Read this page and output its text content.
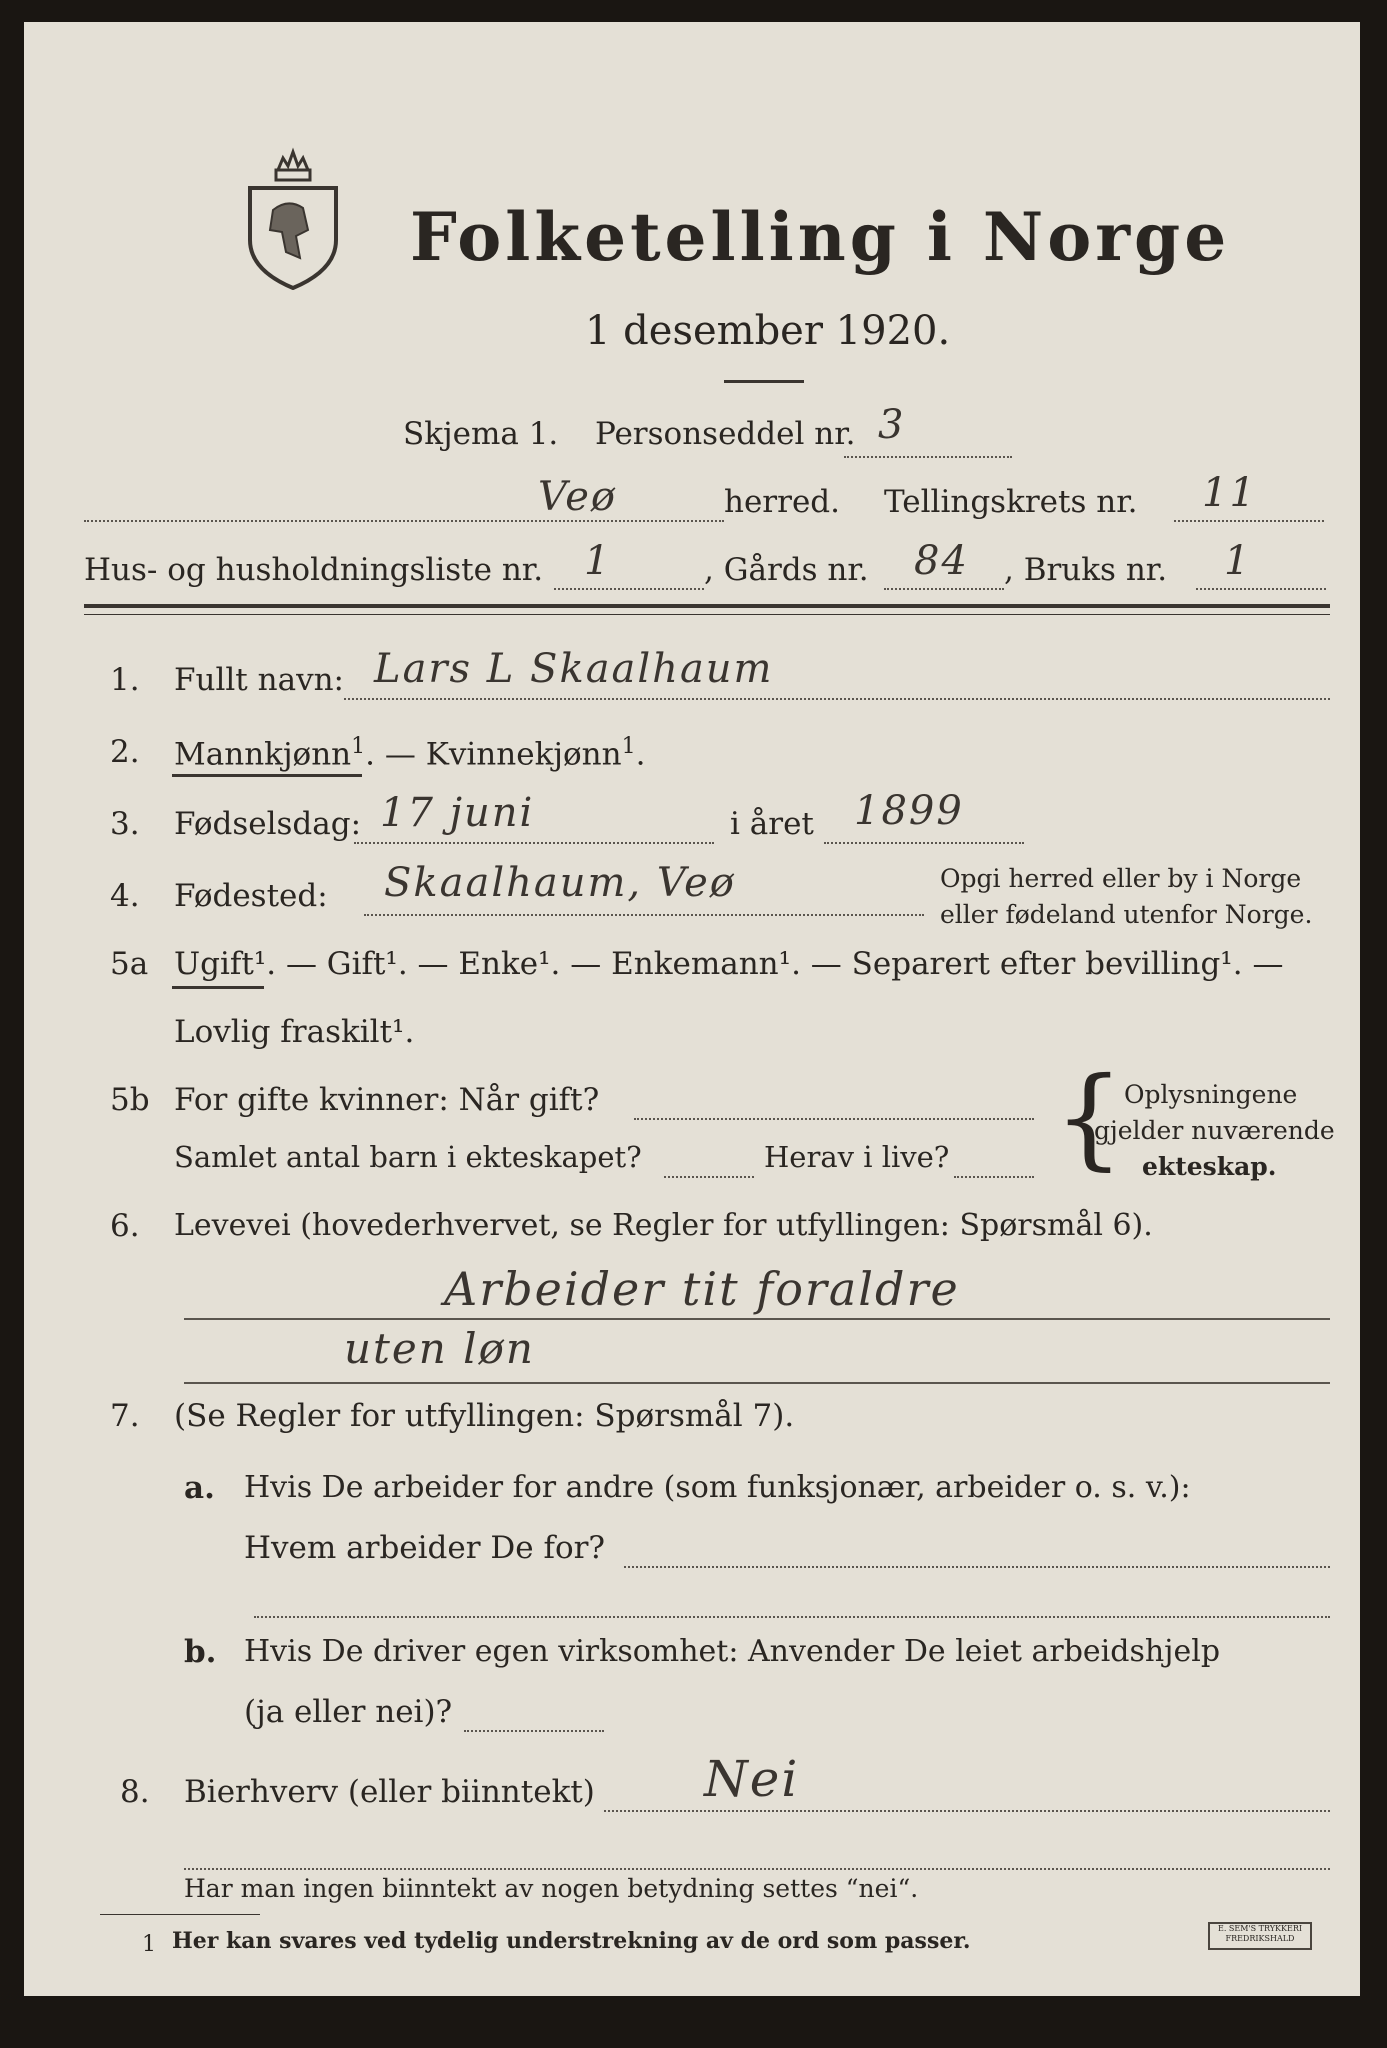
Folketelling i Norge
1 desember 1920.
Skjema 1. Personseddel nr. 3
Veø	herred. Tellingskrets nr. 11
Hus- og husholdningsliste nr. 1	, Gårds nr. 84 , Bruks nr. 1
1. Fullt navn: Lars L Skaalhaum
2. Mannkjønn$^1$. — Kvinnekjønn$^1$.
3. Fødselsdag: 17 juni	i året 1899
4. Fødested: Skaalhaum, Veø	Opgi herred eller by i Norge
eller fødeland utenfor Norge.
5a Ugift¹. — Gift¹. — Enke¹. — Enkemann¹. — Separert efter bevilling¹. —
Lovlig fraskilt¹.
5b For gifte kvinner: Når gift?
Samlet antal barn i ekteskapet?	Herav i live? { Oplysningene
gjelder nuværende
ekteskap.
6. Levevei (hovederhvervet, se Regler for utfyllingen: Spørsmål 6).
Arbeider tit foraldre
uten løn
7. (Se Regler for utfyllingen: Spørsmål 7).
a. Hvis De arbeider for andre (som funksjonær, arbeider o. s. v.):
Hvem arbeider De for?
b. Hvis De driver egen virksomhet: Anvender De leiet arbeidshjelp
(ja eller nei)?
8. Bierhverv (eller biinntekt) Nei
Har man ingen biinntekt av nogen betydning settes “nei“.
1 Her kan svares ved tydelig understrekning av de ord som passer.	E. SEM'S TRYKKERI FREDRIKSHALD
